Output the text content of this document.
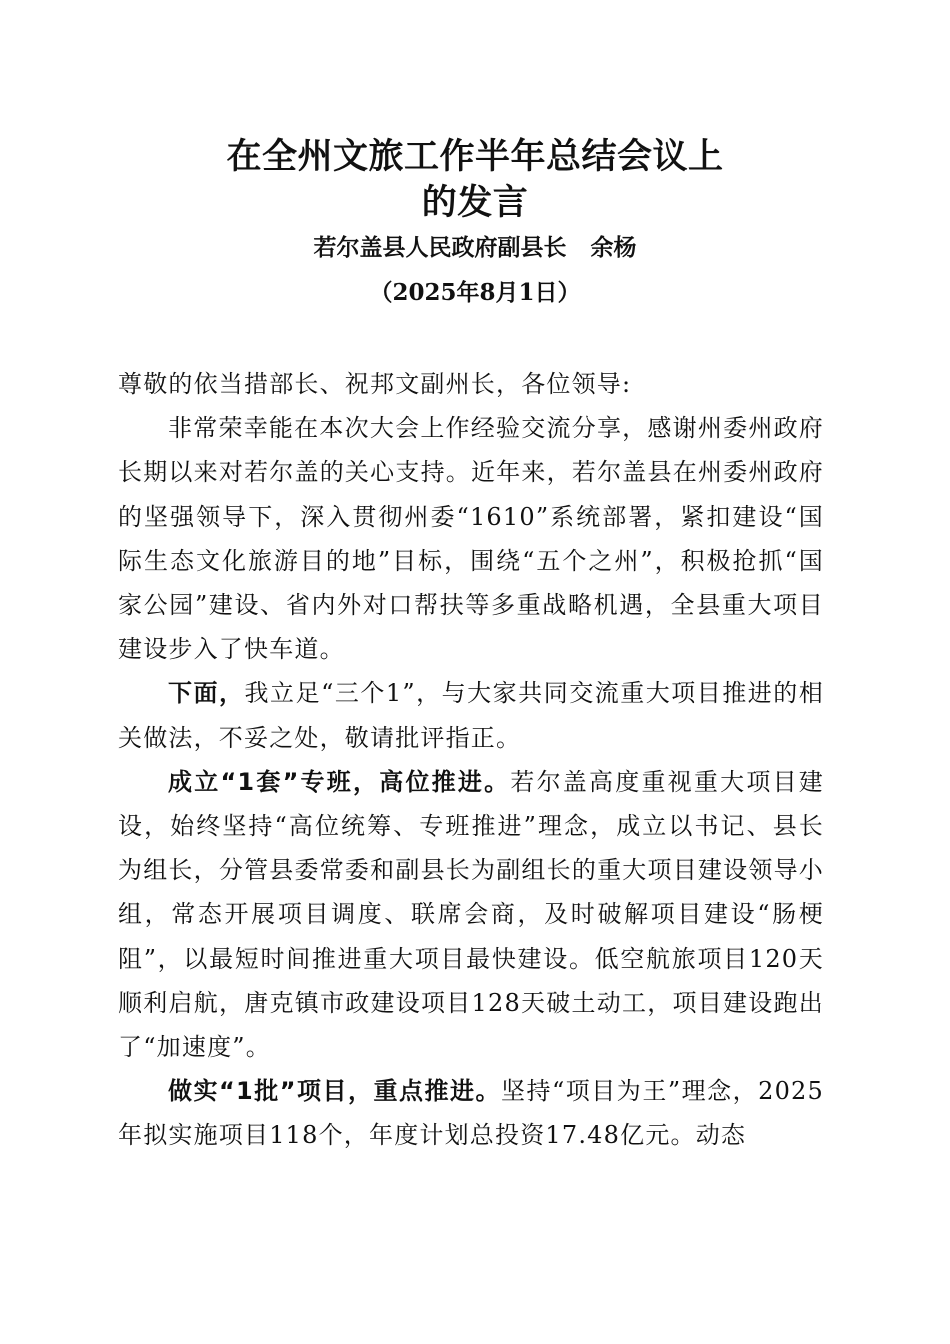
在全州文旅工作半年总结会议上
的发言
若尔盖县人民政府副县长 余杨
（2025年8月1日）

尊敬的依当措部长、祝邦文副州长，各位领导:

非常荣幸能在本次大会上作经验交流分享，感谢州委州政府长期以来对若尔盖的关心支持。近年来，若尔盖县在州委州政府的坚强领导下，深入贯彻州委“1610”系统部署，紧扣建设“国际生态文化旅游目的地”目标，围绕“五个之州”，积极抢抓“国家公园”建设、省内外对口帮扶等多重战略机遇，全县重大项目建设步入了快车道。

下面，我立足“三个1”，与大家共同交流重大项目推进的相关做法，不妥之处，敬请批评指正。

成立“1套”专班，高位推进。若尔盖高度重视重大项目建设，始终坚持“高位统筹、专班推进”理念，成立以书记、县长为组长，分管县委常委和副县长为副组长的重大项目建设领导小组，常态开展项目调度、联席会商，及时破解项目建设“肠梗阻”，以最短时间推进重大项目最快建设。低空航旅项目120天顺利启航，唐克镇市政建设项目128天破土动工，项目建设跑出了“加速度”。

做实“1批”项目，重点推进。坚持“项目为王”理念，2025年拟实施项目118个，年度计划总投资17.48亿元。动态
